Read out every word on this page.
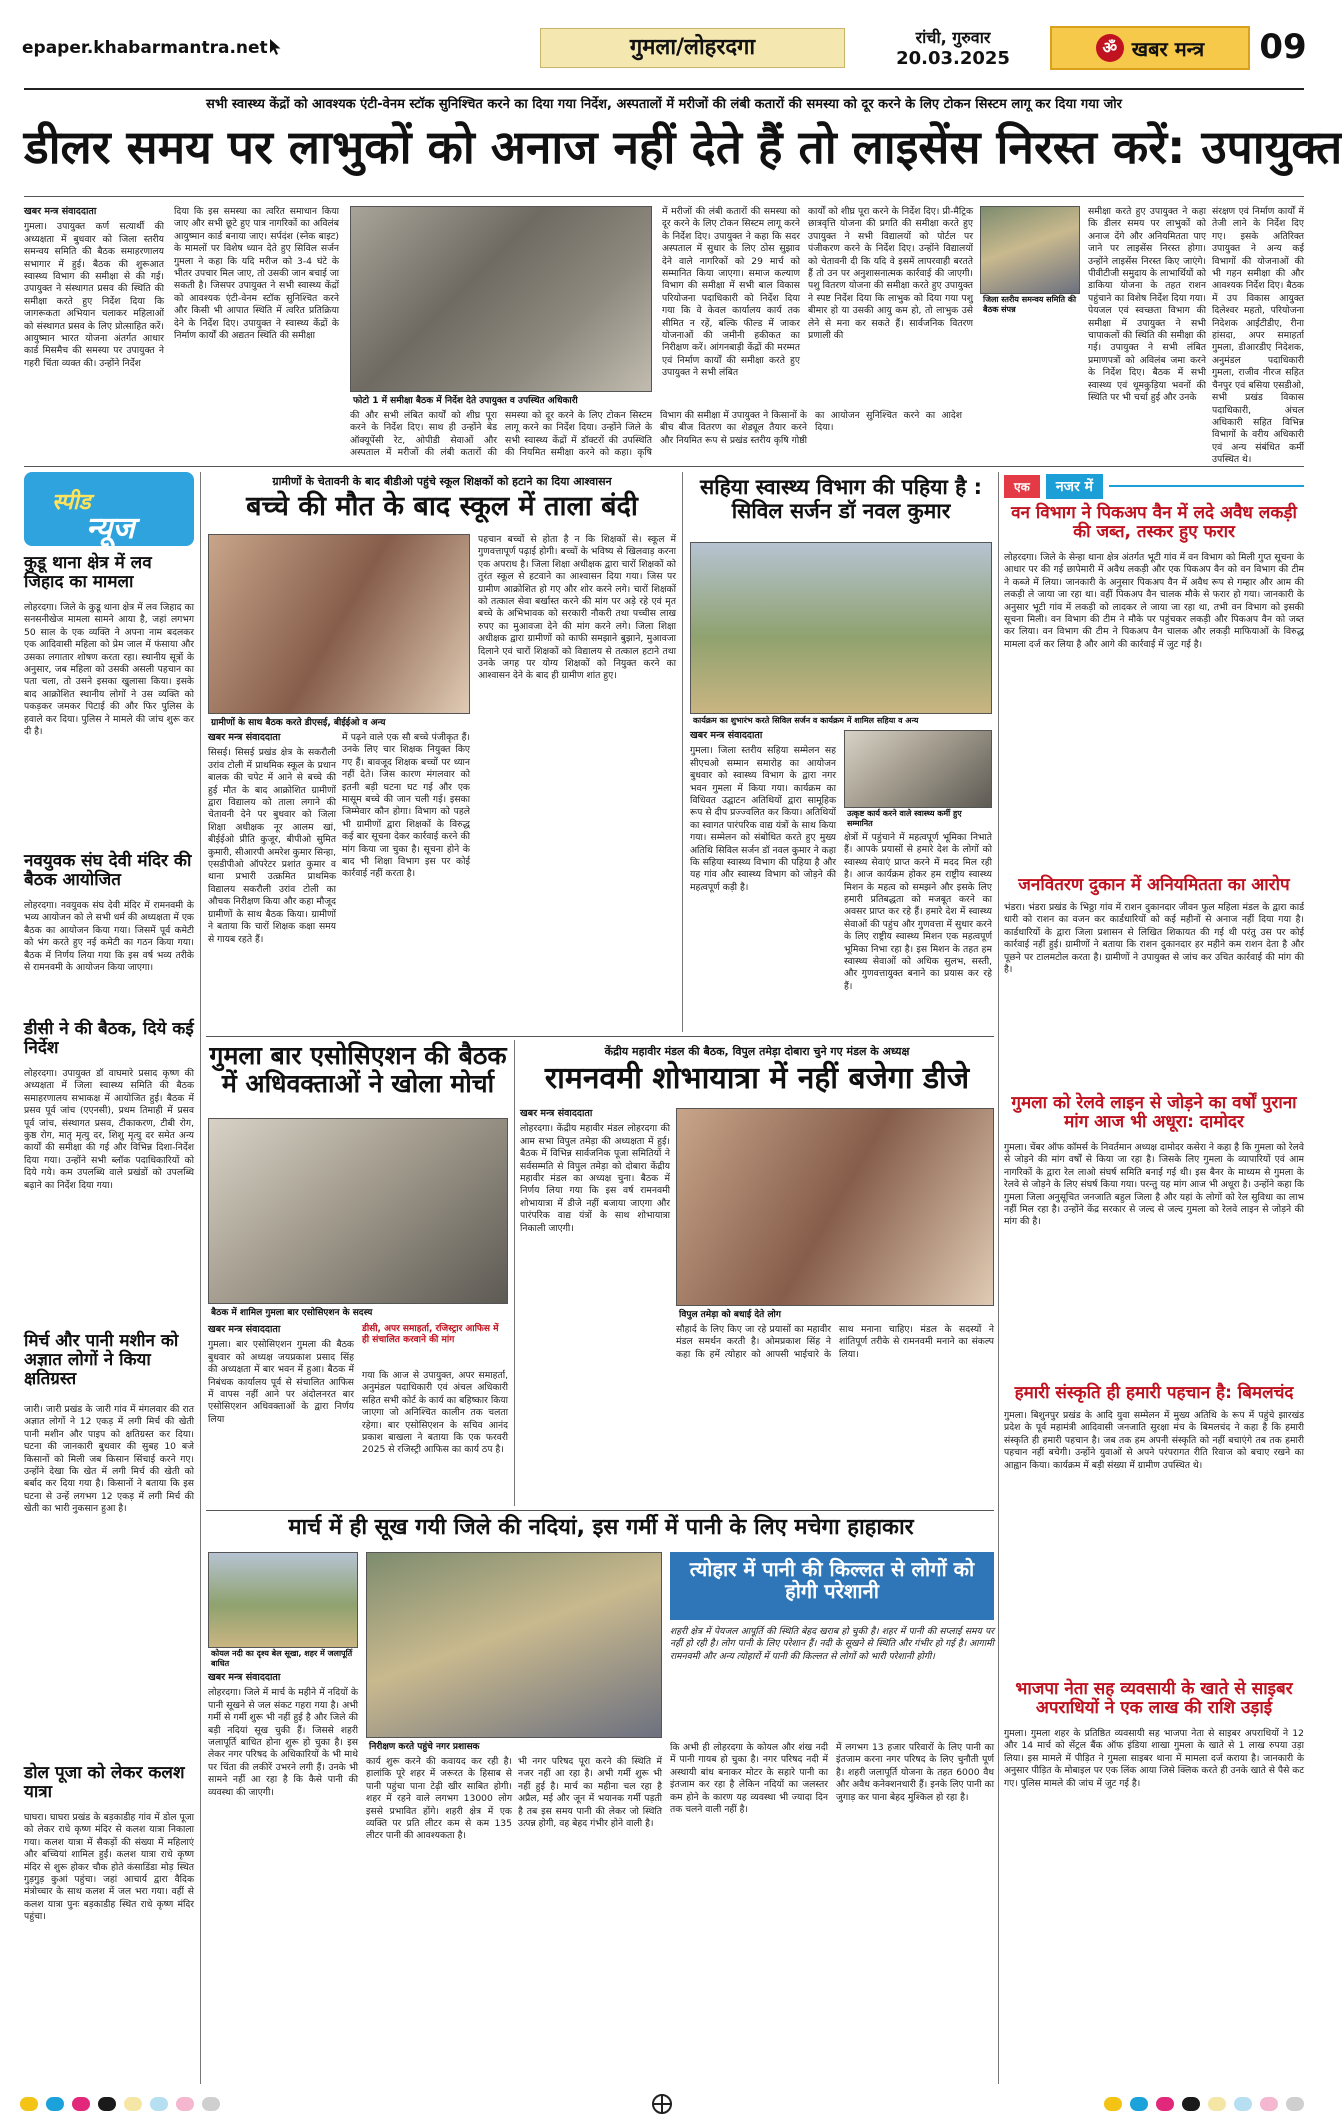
epaper.khabarmantra.net	गुमला/लोहरदगा	रांची, गुरुवार
20.03.2025
ॐ खबर मन्त्र 09
सभी स्वास्थ्य केंद्रों को आवश्यक एंटी-वेनम स्टॉक सुनिश्चित करने का दिया गया निर्देश, अस्पतालों में मरीजों की लंबी कतारों की समस्या को दूर करने के लिए टोकन सिस्टम लागू कर दिया गया जोर
डीलर समय पर लाभुकों को अनाज नहीं देते हैं तो लाइसेंस निरस्त करें: उपायुक्त
खबर मन्त्र संवाददाता

गुमला। उपायुक्त कर्ण सत्यार्थी की अध्यक्षता में बुधवार को जिला स्तरीय समन्वय समिति की बैठक समाहरणालय सभागार में हुई। बैठक की शुरूआत स्वास्थ्य विभाग की समीक्षा से की गई। उपायुक्त ने संस्थागत प्रसव की स्थिति की समीक्षा करते हुए निर्देश दिया कि जागरूकता अभियान चलाकर महिलाओं को संस्थागत प्रसव के लिए प्रोत्साहित करें। आयुष्मान भारत योजना अंतर्गत आधार कार्ड मिसमैच की समस्या पर उपायुक्त ने गहरी चिंता व्यक्त की। उन्होंने निर्देश

दिया कि इस समस्या का त्वरित समाधान किया जाए और सभी छूटे हुए पात्र नागरिकों का अविलंब आयुष्मान कार्ड बनाया जाए। सर्पदंश (स्नेक बाइट) के मामलों पर विशेष ध्यान देते हुए सिविल सर्जन गुमला ने कहा कि यदि मरीज को 3-4 घंटे के भीतर उपचार मिल जाए, तो उसकी जान बचाई जा सकती है। जिसपर उपायुक्त ने सभी स्वास्थ्य केंद्रों को आवश्यक एंटी-वेनम स्टॉक सुनिश्चित करने और किसी भी आपात स्थिति में त्वरित प्रतिक्रिया देने के निर्देश दिए। उपायुक्त ने स्वास्थ्य केंद्रों के निर्माण कार्यों की अद्यतन स्थिति की समीक्षा

फोटो 1 में समीक्षा बैठक में निर्देश देते उपायुक्त व उपस्थित अधिकारी

की और सभी लंबित कार्यों को शीघ्र पूरा करने के निर्देश दिए। साथ ही उन्होंने बेड ऑक्यूपेंसी रेट, ओपीडी सेवाओं और अस्पताल में मरीजों की लंबी कतारों की समस्या को दूर करने के लिए टोकन सिस्टम लागू करने का निर्देश दिया। उन्होंने जिले के सभी स्वास्थ्य केंद्रों में डॉक्टरों की उपस्थिति की नियमित समीक्षा करने को कहा। कृषि विभाग की समीक्षा में उपायुक्त ने किसानों के बीच बीज वितरण का शेड्यूल तैयार करने और नियमित रूप से प्रखंड स्तरीय कृषि गोष्ठी का आयोजन सुनिश्चित करने का आदेश दिया।

में मरीजों की लंबी कतारों की समस्या को दूर करने के लिए टोकन सिस्टम लागू करने के निर्देश दिए। उपायुक्त ने कहा कि सदर अस्पताल में सुधार के लिए ठोस सुझाव देने वाले नागरिकों को 29 मार्च को सम्मानित किया जाएगा। समाज कल्याण विभाग की समीक्षा में सभी बाल विकास परियोजना पदाधिकारी को निर्देश दिया गया कि वे केवल कार्यालय कार्य तक सीमित न रहें, बल्कि फील्ड में जाकर योजनाओं की जमीनी हकीकत का निरीक्षण करें। आंगनबाड़ी केंद्रों की मरम्मत एवं निर्माण कार्यों की समीक्षा करते हुए उपायुक्त ने सभी लंबित

कार्यों को शीघ्र पूरा करने के निर्देश दिए। प्री-मैट्रिक छात्रवृत्ति योजना की प्रगति की समीक्षा करते हुए उपायुक्त ने सभी विद्यालयों को पोर्टल पर पंजीकरण करने के निर्देश दिए। उन्होंने विद्यालयों को चेतावनी दी कि यदि वे इसमें लापरवाही बरतते हैं तो उन पर अनुशासनात्मक कार्रवाई की जाएगी। पशु वितरण योजना की समीक्षा करते हुए उपायुक्त ने स्पष्ट निर्देश दिया कि लाभुक को दिया गया पशु बीमार हो या उसकी आयु कम हो, तो लाभुक उसे लेने से मना कर सकते हैं। सार्वजनिक वितरण प्रणाली की

जिला स्तरीय समन्वय समिति की बैठक संपन्न

समीक्षा करते हुए उपायुक्त ने कहा कि डीलर समय पर लाभुकों को अनाज देंगे और अनियमितता पाए जाने पर लाइसेंस निरस्त होगा। उन्होंने लाइसेंस निरस्त किए जाएंगे। पीवीटीजी समुदाय के लाभार्थियों को डाकिया योजना के तहत राशन पहुंचाने का विशेष निर्देश दिया गया। पेयजल एवं स्वच्छता विभाग की समीक्षा में उपायुक्त ने सभी चापाकलों की स्थिति की समीक्षा की गई। उपायुक्त ने सभी लंबित प्रमाणपत्रों को अविलंब जमा करने के निर्देश दिए। बैठक में सभी स्वास्थ्य एवं धूमकुड़िया भवनों की स्थिति पर भी चर्चा हुई और उनके

संरक्षण एवं निर्माण कार्यों में तेजी लाने के निर्देश दिए गए। इसके अतिरिक्त उपायुक्त ने अन्य कई विभागों की योजनाओं की भी गहन समीक्षा की और आवश्यक निर्देश दिए। बैठक में उप विकास आयुक्त दिलेश्वर महतो, परियोजना निदेशक आईटीडीए, रीना हांसदा, अपर समाहर्ता गुमला, डीआरडीए निदेशक, अनुमंडल पदाधिकारी गुमला, राजीव नीरज सहित चैनपुर एवं बसिया एसडीओ, सभी प्रखंड विकास पदाधिकारी, अंचल अधिकारी सहित विभिन्न विभागों के वरीय अधिकारी एवं अन्य संबंधित कर्मी उपस्थित थे।

स्पीड
न्यूज
कुडू थाना क्षेत्र में लव जिहाद का मामला
लोहरदगा। जिले के कुडू थाना क्षेत्र में लव जिहाद का सनसनीखेज मामला सामने आया है, जहां लगभग 50 साल के एक व्यक्ति ने अपना नाम बदलकर एक आदिवासी महिला को प्रेम जाल में फंसाया और उसका लगातार शोषण करता रहा। स्थानीय सूत्रों के अनुसार, जब महिला को उसकी असली पहचान का पता चला, तो उसने इसका खुलासा किया। इसके बाद आक्रोशित स्थानीय लोगों ने उस व्यक्ति को पकड़कर जमकर पिटाई की और फिर पुलिस के हवाले कर दिया। पुलिस ने मामले की जांच शुरू कर दी है।
नवयुवक संघ देवी मंदिर की बैठक आयोजित
लोहरदगा। नवयुवक संघ देवी मंदिर में रामनवमी के भव्य आयोजन को ले सभी धर्म की अध्यक्षता में एक बैठक का आयोजन किया गया। जिसमें पूर्व कमेटी को भंग करते हुए नई कमेटी का गठन किया गया। बैठक में निर्णय लिया गया कि इस वर्ष भव्य तरीके से रामनवमी के आयोजन किया जाएगा।
डीसी ने की बैठक, दिये कई निर्देश
लोहरदगा। उपायुक्त डॉ वाघमारे प्रसाद कृष्ण की अध्यक्षता में जिला स्वास्थ्य समिति की बैठक समाहरणालय सभाकक्ष में आयोजित हुई। बैठक में प्रसव पूर्व जांच (एएनसी), प्रथम तिमाही में प्रसव पूर्व जांच, संस्थागत प्रसव, टीकाकरण, टीबी रोग, कुष्ठ रोग, मातृ मृत्यु दर, शिशु मृत्यु दर समेत अन्य कार्यों की समीक्षा की गई और विभिन्न दिशा-निर्देश दिया गया। उन्होंने सभी ब्लॉक पदाधिकारियों को दिये गये। कम उपलब्धि वाले प्रखंडों को उपलब्धि बढ़ाने का निर्देश दिया गया।
मिर्च और पानी मशीन को अज्ञात लोगों ने किया क्षतिग्रस्त
जारी। जारी प्रखंड के जारी गांव में मंगलवार की रात अज्ञात लोगों ने 12 एकड़ में लगी मिर्च की खेती पानी मशीन और पाइप को क्षतिग्रस्त कर दिया। घटना की जानकारी बुधवार की सुबह 10 बजे किसानों को मिली जब किसान सिंचाई करने गए। उन्होंने देखा कि खेत में लगी मिर्च की खेती को बर्बाद कर दिया गया है। किसानों ने बताया कि इस घटना से उन्हें लगभग 12 एकड़ में लगी मिर्च की खेती का भारी नुकसान हुआ है।
डोल पूजा को लेकर कलश यात्रा
घाघरा। घाघरा प्रखंड के बड़काडीह गांव में डोल पूजा को लेकर राधे कृष्ण मंदिर से कलश यात्रा निकाला गया। कलश यात्रा में सैकड़ों की संख्या में महिलाएं और बच्चियां शामिल हुईं। कलश यात्रा राधे कृष्ण मंदिर से शुरू होकर चौक होते कंसाडिंडा मोड़ स्थित गुड़गुड़ कुआं पहुंचा। जहां आचार्य द्वारा वैदिक मंत्रोच्चार के साथ कलश में जल भरा गया। वहीं से कलश यात्रा पुनः बड़काडीह स्थित राधे कृष्ण मंदिर पहुंचा।
ग्रामीणों के चेतावनी के बाद बीडीओ पहुंचे स्कूल शिक्षकों को हटाने का दिया आश्वासन
बच्चे की मौत के बाद स्कूल में ताला बंदी
ग्रामीणों के साथ बैठक करते डीएसई, बीईईओ व अन्य
खबर मन्त्र संवाददाता

सिसई। सिसई प्रखंड क्षेत्र के सकरौली उरांव टोली में प्राथमिक स्कूल के प्रधान बालक की चपेट में आने से बच्चे की हुई मौत के बाद आक्रोशित ग्रामीणों द्वारा विद्यालय को ताला लगाने की चेतावनी देने पर बुधवार को जिला शिक्षा अधीक्षक नूर आलम खां, बीईईओ प्रीति कुजूर, बीपीओ सुमित कुमारी, सीआरपी अमरेश कुमार सिन्हा, एसडीपीओ ऑपरेटर प्रशांत कुमार व थाना प्रभारी उत्क्रमित प्राथमिक विद्यालय सकरौली उरांव टोली का औचक निरीक्षण किया और कहा मौजूद ग्रामीणों के साथ बैठक किया। ग्रामीणों ने बताया कि चारों शिक्षक कक्षा समय से गायब रहते हैं।

में पढ़ने वाले एक सौ बच्चे पंजीकृत हैं। उनके लिए चार शिक्षक नियुक्त किए गए हैं। बावजूद शिक्षक बच्चों पर ध्यान नहीं देते। जिस कारण मंगलवार को इतनी बड़ी घटना घट गई और एक मासूम बच्चे की जान चली गई। इसका जिम्मेवार कौन होगा। विभाग को पहले भी ग्रामीणों द्वारा शिक्षकों के विरुद्ध कई बार सूचना देकर कार्रवाई करने की मांग किया जा चुका है। सूचना होने के बाद भी शिक्षा विभाग इस पर कोई कार्रवाई नहीं करता है।
पहचान बच्चों से होता है न कि शिक्षकों से। स्कूल में गुणवत्तापूर्ण पढ़ाई होगी। बच्चों के भविष्य से खिलवाड़ करना एक अपराध है। जिला शिक्षा अधीक्षक द्वारा चारों शिक्षकों को तुरंत स्कूल से हटवाने का आश्वासन दिया गया। जिस पर ग्रामीण आक्रोशित हो गए और शोर करने लगे। चारों शिक्षकों को तत्काल सेवा बर्खास्त करने की मांग पर अड़े रहे एवं मृत बच्चे के अभिभावक को सरकारी नौकरी तथा पच्चीस लाख रुपए का मुआवजा देने की मांग करने लगे। जिला शिक्षा अधीक्षक द्वारा ग्रामीणों को काफी समझाने बुझाने, मुआवजा दिलाने एवं चारों शिक्षकों को विद्यालय से तत्काल हटाने तथा उनके जगह पर योग्य शिक्षकों को नियुक्त करने का आश्वासन देने के बाद ही ग्रामीण शांत हुए।
सहिया स्वास्थ्य विभाग की पहिया है : सिविल सर्जन डॉ नवल कुमार
कार्यक्रम का शुभारंभ करते सिविल सर्जन व कार्यक्रम में शामिल सहिया व अन्य
खबर मन्त्र संवाददाता

गुमला। जिला स्तरीय सहिया सम्मेलन सह सीएचओ सम्मान समारोह का आयोजन बुधवार को स्वास्थ्य विभाग के द्वारा नगर भवन गुमला में किया गया। कार्यक्रम का विधिवत उद्घाटन अतिथियों द्वारा सामूहिक रूप से दीप प्रज्ज्वलित कर किया। अतिथियों का स्वागत पारंपरिक वाद्य यंत्रों के साथ किया गया। सम्मेलन को संबोधित करते हुए मुख्य अतिथि सिविल सर्जन डॉ नवल कुमार ने कहा कि सहिया स्वास्थ्य विभाग की पहिया है और यह गांव और स्वास्थ्य विभाग को जोड़ने की महत्वपूर्ण कड़ी है।

उत्कृष्ट कार्य करने वाले स्वास्थ्य कर्मी हुए सम्मानित
क्षेत्रों में पहुंचाने में महत्वपूर्ण भूमिका निभाते हैं। आपके प्रयासों से हमारे देश के लोगों को स्वास्थ्य सेवाएं प्राप्त करने में मदद मिल रही है। आज कार्यक्रम होकर हम राष्ट्रीय स्वास्थ्य मिशन के महत्व को समझने और इसके लिए हमारी प्रतिबद्धता को मजबूत करने का अवसर प्राप्त कर रहे हैं। हमारे देश में स्वास्थ्य सेवाओं की पहुंच और गुणवत्ता में सुधार करने के लिए राष्ट्रीय स्वास्थ्य मिशन एक महत्वपूर्ण भूमिका निभा रहा है। इस मिशन के तहत हम स्वास्थ्य सेवाओं को अधिक सुलभ, सस्ती, और गुणवत्तायुक्त बनाने का प्रयास कर रहे हैं।
एक	नजर में
वन विभाग ने पिकअप वैन में लदे अवैध लकड़ी की जब्त, तस्कर हुए फरार
लोहरदगा। जिले के सेन्हा थाना क्षेत्र अंतर्गत भूटी गांव में वन विभाग को मिली गुप्त सूचना के आधार पर की गई छापेमारी में अवैध लकड़ी और एक पिकअप वैन को वन विभाग की टीम ने कब्जे में लिया। जानकारी के अनुसार पिकअप वैन में अवैध रूप से गम्हार और आम की लकड़ी ले जाया जा रहा था। वहीं पिकअप वैन चालक मौके से फरार हो गया। जानकारी के अनुसार भूटी गांव में लकड़ी को लादकर ले जाया जा रहा था, तभी वन विभाग को इसकी सूचना मिली। वन विभाग की टीम ने मौके पर पहुंचकर लकड़ी और पिकअप वैन को जब्त कर लिया। वन विभाग की टीम ने पिकअप वैन चालक और लकड़ी माफियाओं के विरुद्ध मामला दर्ज कर लिया है और आगे की कार्रवाई में जुट गई है।
जनवितरण दुकान में अनियमितता का आरोप
भंडरा। भंडरा प्रखंड के भिठ्ठा गांव में राशन दुकानदार जीवन फुल महिला मंडल के द्वारा कार्ड धारी को राशन का वजन कर कार्डधारियों को कई महीनों से अनाज नहीं दिया गया है। कार्डधारियों के द्वारा जिला प्रशासन से लिखित शिकायत की गई थी परंतु उस पर कोई कार्रवाई नहीं हुई। ग्रामीणों ने बताया कि राशन दुकानदार हर महीने कम राशन देता है और पूछने पर टालमटोल करता है। ग्रामीणों ने उपायुक्त से जांच कर उचित कार्रवाई की मांग की है।
गुमला को रेलवे लाइन से जोड़ने का वर्षों पुराना मांग आज भी अधूरा: दामोदर
गुमला। चेंबर ऑफ कॉमर्स के निवर्तमान अध्यक्ष दामोदर कसेरा ने कहा है कि गुमला को रेलवे से जोड़ने की मांग वर्षों से किया जा रहा है। जिसके लिए गुमला के व्यापारियों एवं आम नागरिकों के द्वारा रेल लाओ संघर्ष समिति बनाई गई थी। इस बैनर के माध्यम से गुमला के रेलवे से जोड़ने के लिए संघर्ष किया गया। परन्तु यह मांग आज भी अधूरा है। उन्होंने कहा कि गुमला जिला अनुसूचित जनजाति बहुल जिला है और यहां के लोगों को रेल सुविधा का लाभ नहीं मिल रहा है। उन्होंने केंद्र सरकार से जल्द से जल्द गुमला को रेलवे लाइन से जोड़ने की मांग की है।
हमारी संस्कृति ही हमारी पहचान है: बिमलचंद
गुमला। बिशुनपुर प्रखंड के आदि युवा सम्मेलन में मुख्य अतिथि के रूप में पहुंचे झारखंड प्रदेश के पूर्व महामंत्री आदिवासी जनजाति सुरक्षा मंच के बिमलचंद ने कहा है कि हमारी संस्कृति ही हमारी पहचान है। जब तक हम अपनी संस्कृति को नहीं बचाएंगे तब तक हमारी पहचान नहीं बचेगी। उन्होंने युवाओं से अपने परंपरागत रीति रिवाज को बचाए रखने का आह्वान किया। कार्यक्रम में बड़ी संख्या में ग्रामीण उपस्थित थे।
भाजपा नेता सह व्यवसायी के खाते से साइबर अपराधियों ने एक लाख की राशि उड़ाई
गुमला। गुमला शहर के प्रतिष्ठित व्यवसायी सह भाजपा नेता से साइबर अपराधियों ने 12 और 14 मार्च को सेंट्रल बैंक ऑफ इंडिया शाखा गुमला के खाते से 1 लाख रुपया उड़ा लिया। इस मामले में पीड़ित ने गुमला साइबर थाना में मामला दर्ज कराया है। जानकारी के अनुसार पीड़ित के मोबाइल पर एक लिंक आया जिसे क्लिक करते ही उनके खाते से पैसे कट गए। पुलिस मामले की जांच में जुट गई है।
गुमला बार एसोसिएशन की बैठक में अधिवक्ताओं ने खोला मोर्चा
बैठक में शामिल गुमला बार एसोसिएशन के सदस्य
खबर मन्त्र संवाददाता

गुमला। बार एसोसिएशन गुमला की बैठक बुधवार को अध्यक्ष जयप्रकाश प्रसाद सिंह की अध्यक्षता में बार भवन में हुआ। बैठक में निबंधक कार्यालय पूर्व से संचालित आफिस में वापस नहीं आने पर अंदोलनरत बार एसोसिएशन अधिवक्ताओं के द्वारा निर्णय लिया

डीसी, अपर समाहर्ता, रजिस्ट्रार आफिस में ही संचालित करवाने की मांग
गया कि आज से उपायुक्त, अपर समाहर्ता, अनुमंडल पदाधिकारी एवं अंचल अधिकारी सहित सभी कोर्ट के कार्य का बहिष्कार किया जाएगा जो अनिश्चित कालीन तक चलता रहेगा। बार एसोसिएशन के सचिव आनंद प्रकाश बाखला ने बताया कि एक फरवरी 2025 से रजिस्ट्री आफिस का कार्य ठप है।
केंद्रीय महावीर मंडल की बैठक, विपुल तमेड़ा दोबारा चुने गए मंडल के अध्यक्ष
रामनवमी शोभायात्रा में नहीं बजेगा डीजे
खबर मन्त्र संवाददाता

लोहरदगा। केंद्रीय महावीर मंडल लोहरदगा की आम सभा विपुल तमेड़ा की अध्यक्षता में हुई। बैठक में विभिन्न सार्वजनिक पूजा समितियों ने सर्वसम्मति से विपुल तमेड़ा को दोबारा केंद्रीय महावीर मंडल का अध्यक्ष चुना। बैठक में निर्णय लिया गया कि इस वर्ष रामनवमी शोभायात्रा में डीजे नहीं बजाया जाएगा और पारंपरिक वाद्य यंत्रों के साथ शोभायात्रा निकाली जाएगी।

विपुल तमेड़ा को बधाई देते लोग
सौहार्द के लिए किए जा रहे प्रयासों का महावीर मंडल समर्थन करती है। ओमप्रकाश सिंह ने कहा कि हमें त्योहार को आपसी भाईचारे के साथ मनाना चाहिए। मंडल के सदस्यों ने शांतिपूर्ण तरीके से रामनवमी मनाने का संकल्प लिया।
मार्च में ही सूख गयी जिले की नदियां, इस गर्मी में पानी के लिए मचेगा हाहाकार
कोयल नदी का दृश्य बेल सूखा, शहर में जलापूर्ति बाधित
खबर मन्त्र संवाददाता

लोहरदगा। जिले में मार्च के महीने में नदियों के पानी सूखने से जल संकट गहरा गया है। अभी गर्मी से गर्मी शुरू भी नहीं हुई है और जिले की बड़ी नदियां सूख चुकी हैं। जिससे शहरी जलापूर्ति बाधित होना शुरू हो चुका है। इस लेकर नगर परिषद के अधिकारियों के भी माथे पर चिंता की लकीरें उभरने लगी हैं। उनके भी सामने नहीं आ रहा है कि कैसे पानी की व्यवस्था की जाएगी।

निरीक्षण करते पहुंचे नगर प्रशासक
कार्य शुरू करने की कवायद कर रही है। हालांकि पूरे शहर में जरूरत के हिसाब से पानी पहुंचा पाना टेढ़ी खीर साबित होगी। शहर में रहने वाले लगभग 13000 लोग इससे प्रभावित होंगे। शहरी क्षेत्र में एक व्यक्ति पर प्रति लीटर कम से कम 135 लीटर पानी की आवश्यकता है।
भी नगर परिषद पूरा करने की स्थिति में नजर नहीं आ रहा है। अभी गर्मी शुरू भी नहीं हुई है। मार्च का महीना चल रहा है अप्रैल, मई और जून में भयानक गर्मी पड़ती है तब इस समय पानी की लेकर जो स्थिति उत्पन्न होगी, वह बेहद गंभीर होने वाली है।
त्योहार में पानी की किल्लत से लोगों को होगी परेशानी
शहरी क्षेत्र में पेयजल आपूर्ति की स्थिति बेहद खराब हो चुकी है। शहर में पानी की सप्लाई समय पर नहीं हो रही है। लोग पानी के लिए परेशान हैं। नदी के सूखने से स्थिति और गंभीर हो गई है। आगामी रामनवमी और अन्य त्योहारों में पानी की किल्लत से लोगों को भारी परेशानी होगी।
कि अभी ही लोहरदगा के कोयल और शंख नदी में पानी गायब हो चुका है। नगर परिषद नदी में अस्थायी बांध बनाकर मोटर के सहारे पानी का इंतजाम कर रहा है लेकिन नदियों का जलस्तर कम होने के कारण यह व्यवस्था भी ज्यादा दिन तक चलने वाली नहीं है।
में लगभग 13 हजार परिवारों के लिए पानी का इंतजाम करना नगर परिषद के लिए चुनौती पूर्ण है। शहरी जलापूर्ति योजना के तहत 6000 वैध और अवैध कनेक्शनधारी हैं। इनके लिए पानी का जुगाड़ कर पाना बेहद मुश्किल हो रहा है।
